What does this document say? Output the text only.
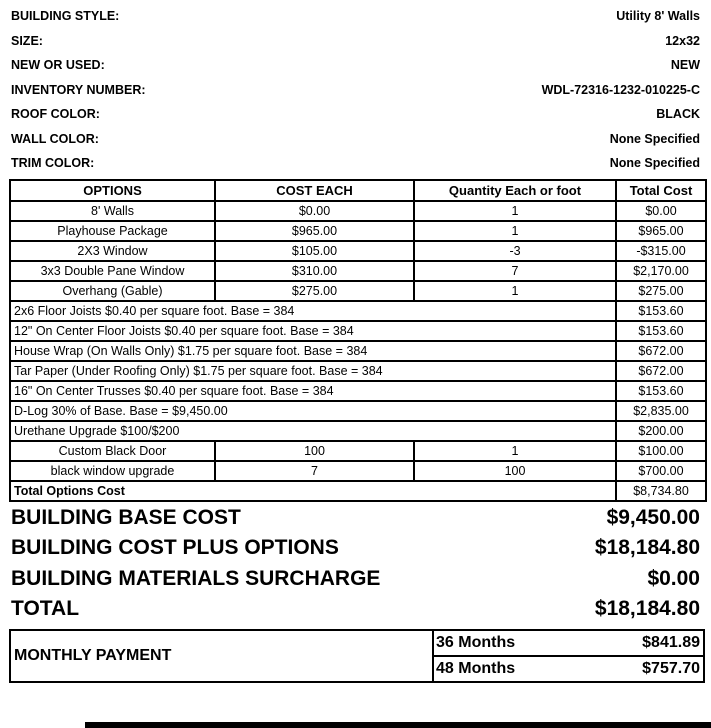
BUILDING STYLE:	Utility 8' Walls
SIZE:	12x32
NEW OR USED:	NEW
INVENTORY NUMBER:	WDL-72316-1232-010225-C
ROOF COLOR:	BLACK
WALL COLOR:	None Specified
TRIM COLOR:	None Specified
OPTIONS	COST EACH	Quantity Each or foot	Total Cost
8' Walls	$0.00	1	$0.00
Playhouse Package	$965.00	1	$965.00
2X3 Window	$105.00	-3	-$315.00
3x3 Double Pane Window	$310.00	7	$2,170.00
Overhang (Gable)	$275.00	1	$275.00
2x6 Floor Joists $0.40 per square foot. Base = 384			$153.60
12" On Center Floor Joists $0.40 per square foot. Base = 384			$153.60
House Wrap (On Walls Only) $1.75 per square foot. Base = 384			$672.00
Tar Paper (Under Roofing Only) $1.75 per square foot. Base = 384			$672.00
16" On Center Trusses $0.40 per square foot. Base = 384			$153.60
D-Log 30% of Base. Base = $9,450.00			$2,835.00
Urethane Upgrade $100/$200			$200.00
Custom Black Door	100	1	$100.00
black window upgrade	7	100	$700.00
Total Options Cost			$8,734.80
BUILDING BASE COST	$9,450.00
BUILDING COST PLUS OPTIONS	$18,184.80
BUILDING MATERIALS SURCHARGE	$0.00
TOTAL	$18,184.80
MONTHLY PAYMENT	
36 Months	$841.89

48 Months	$757.70
